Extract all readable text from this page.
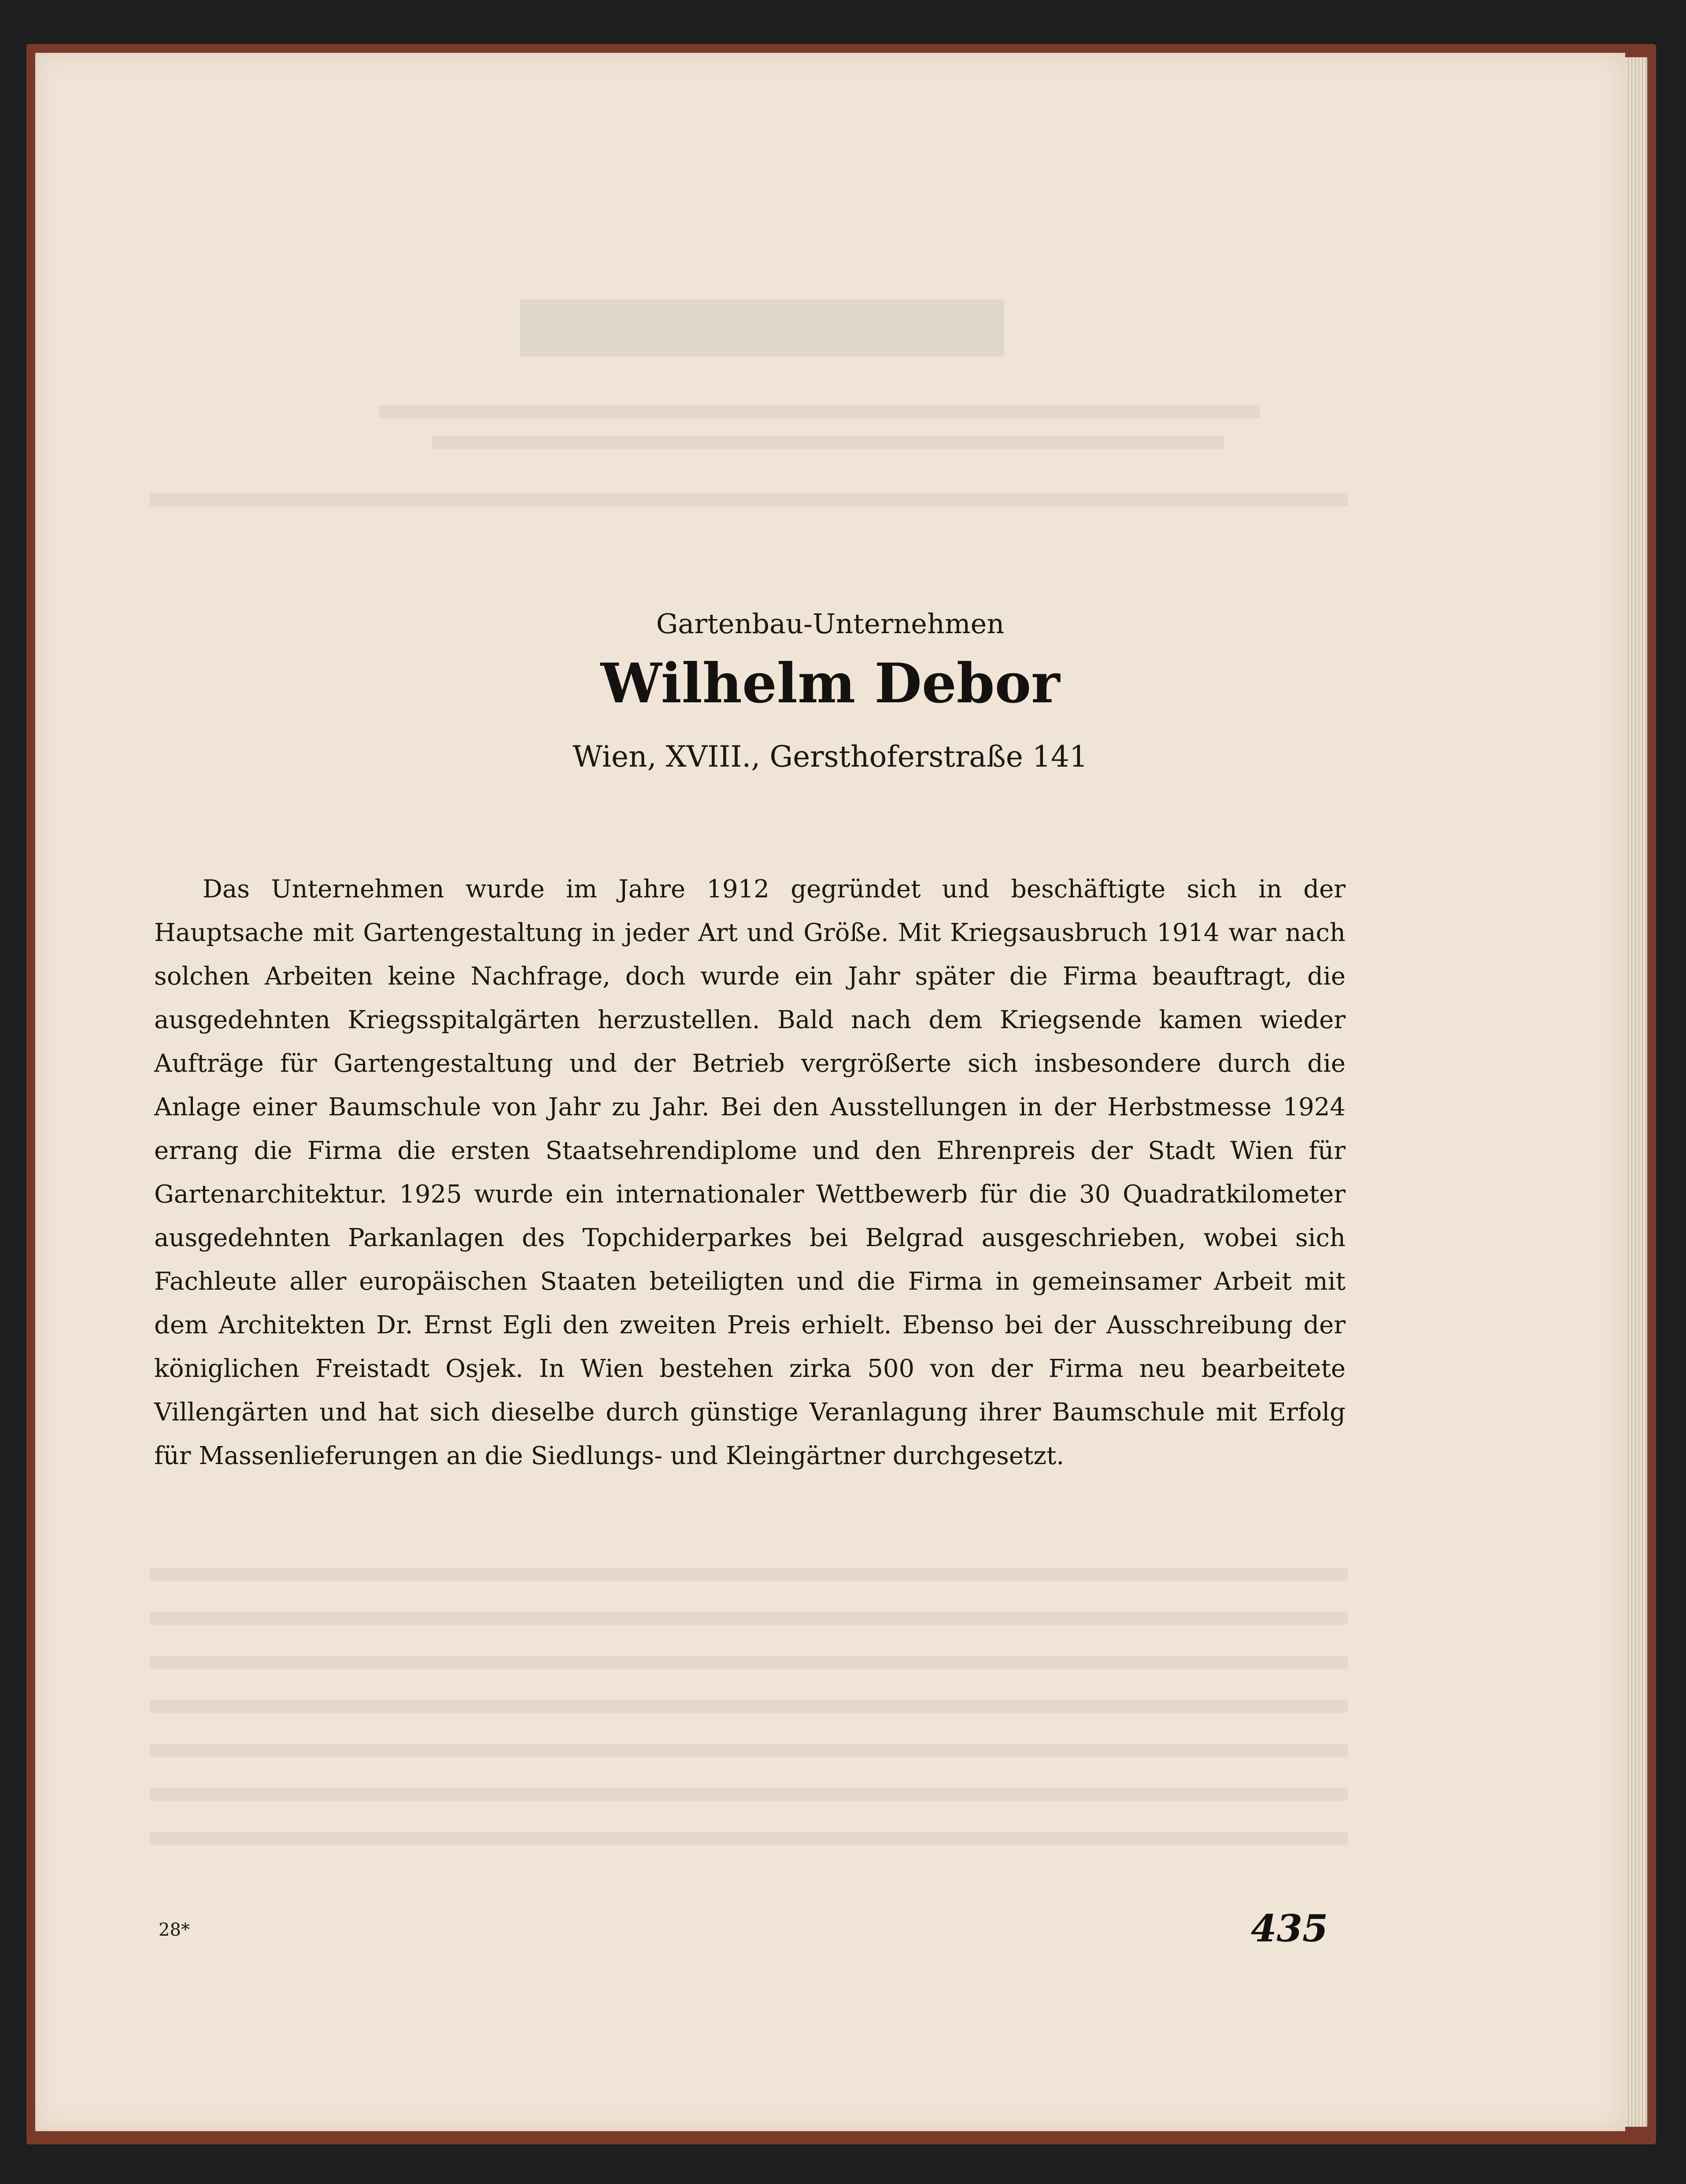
Gartenbau-Unternehmen
Wilhelm Debor
Wien, XVIII., Gersthoferstraße 141

Das Unternehmen wurde im Jahre 1912 gegründet und beschäftigte sich in der Hauptsache mit Gartengestaltung in jeder Art und Größe. Mit Kriegsausbruch 1914 war nach solchen Arbeiten keine Nachfrage, doch wurde ein Jahr später die Firma beauftragt, die ausgedehnten Kriegsspitalgärten herzustellen. Bald nach dem Kriegsende kamen wieder Aufträge für Gartengestaltung und der Betrieb vergrößerte sich insbesondere durch die Anlage einer Baumschule von Jahr zu Jahr. Bei den Ausstellungen in der Herbstmesse 1924 errang die Firma die ersten Staatsehrendiplome und den Ehrenpreis der Stadt Wien für Gartenarchitektur. 1925 wurde ein internationaler Wettbewerb für die 30 Quadratkilometer ausgedehnten Parkanlagen des Topchiderparkes bei Belgrad ausgeschrieben, wobei sich Fachleute aller europäischen Staaten beteiligten und die Firma in gemeinsamer Arbeit mit dem Architekten Dr. Ernst Egli den zweiten Preis erhielt. Ebenso bei der Ausschreibung der königlichen Freistadt Osjek. In Wien bestehen zirka 500 von der Firma neu bearbeitete Villengärten und hat sich dieselbe durch günstige Veranlagung ihrer Baumschule mit Erfolg für Massenlieferungen an die Siedlungs- und Kleingärtner durchgesetzt.

28*	435
